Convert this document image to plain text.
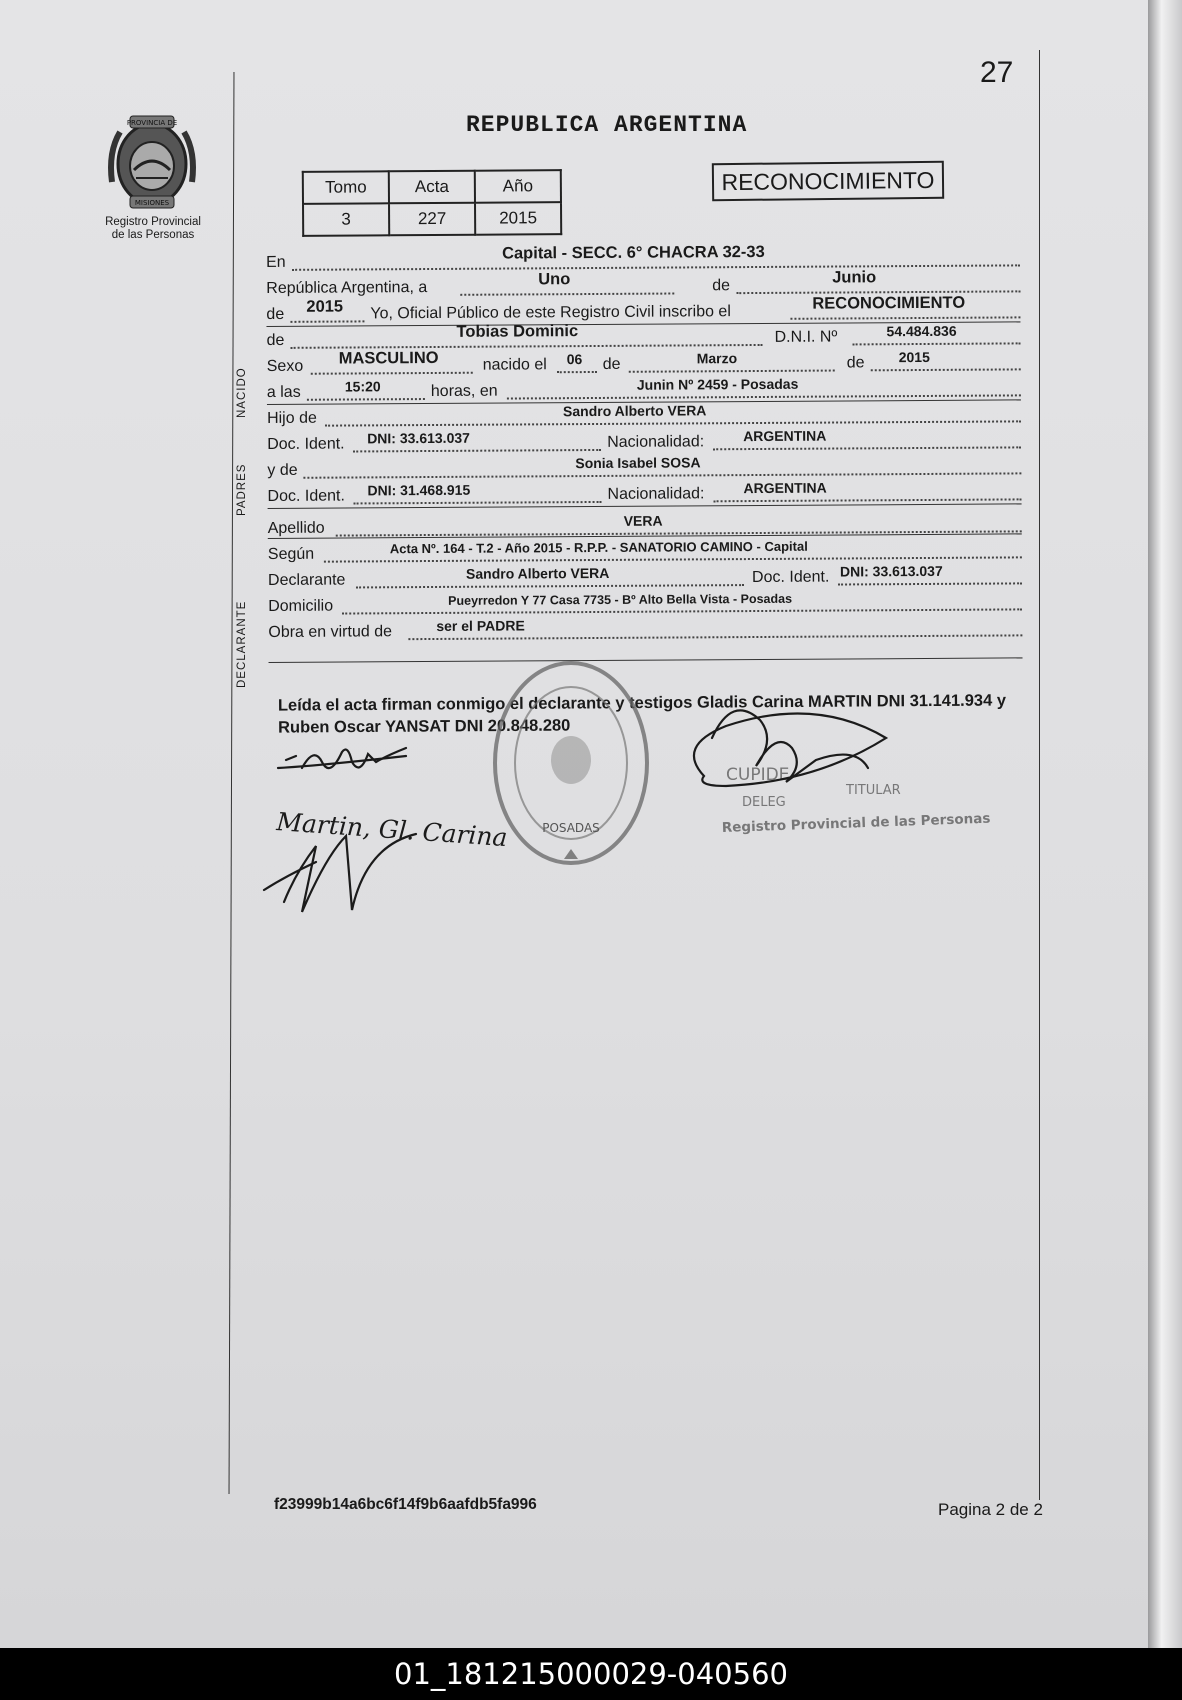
27
PROVINCIA DE
MISIONES
Registro Provincial
de las Personas
REPUBLICA ARGENTINA
Tomo	Acta	Año
3	227	2015
RECONOCIMIENTO
NACIDO
PADRES
DECLARANTE
En	Capital - SECC. 6° CHACRA 32-33
República Argentina, a	Uno	de	Junio
de 2015 Yo, Oficial Público de este Registro Civil inscribo el	RECONOCIMIENTO
de	Tobias Dominic	D.N.I. Nº	54.484.836
Sexo MASCULINO	nacido el 06 de	Marzo	de 2015
a las	15:20	horas, en	Junin Nº 2459 - Posadas
Hijo de	Sandro Alberto VERA
Doc. Ident. DNI: 33.613.037	Nacionalidad:	ARGENTINA
y de	Sonia Isabel SOSA
Doc. Ident. DNI: 31.468.915	Nacionalidad:	ARGENTINA
Apellido	VERA
Según	Acta Nº. 164 - T.2 - Año 2015 - R.P.P. - SANATORIO CAMINO - Capital
Declarante	Sandro Alberto VERA	Doc. Ident. DNI: 33.613.037
Domicilio	Pueyrredon Y 77 Casa 7735 - Bº Alto Bella Vista - Posadas
Obra en virtud de	ser el PADRE
Leída el acta firman conmigo el declarante y testigos Gladis Carina MARTIN DNI 31.141.934 y Ruben Oscar YANSAT DNI 20.848.280
POSADAS
CUPIDE
DELEG
TITULAR
Registro Provincial de las Personas
Martin, Gl. Carina
f23999b14a6bc6f14f9b6aafdb5fa996	Pagina 2 de 2
01_181215000029-040560
